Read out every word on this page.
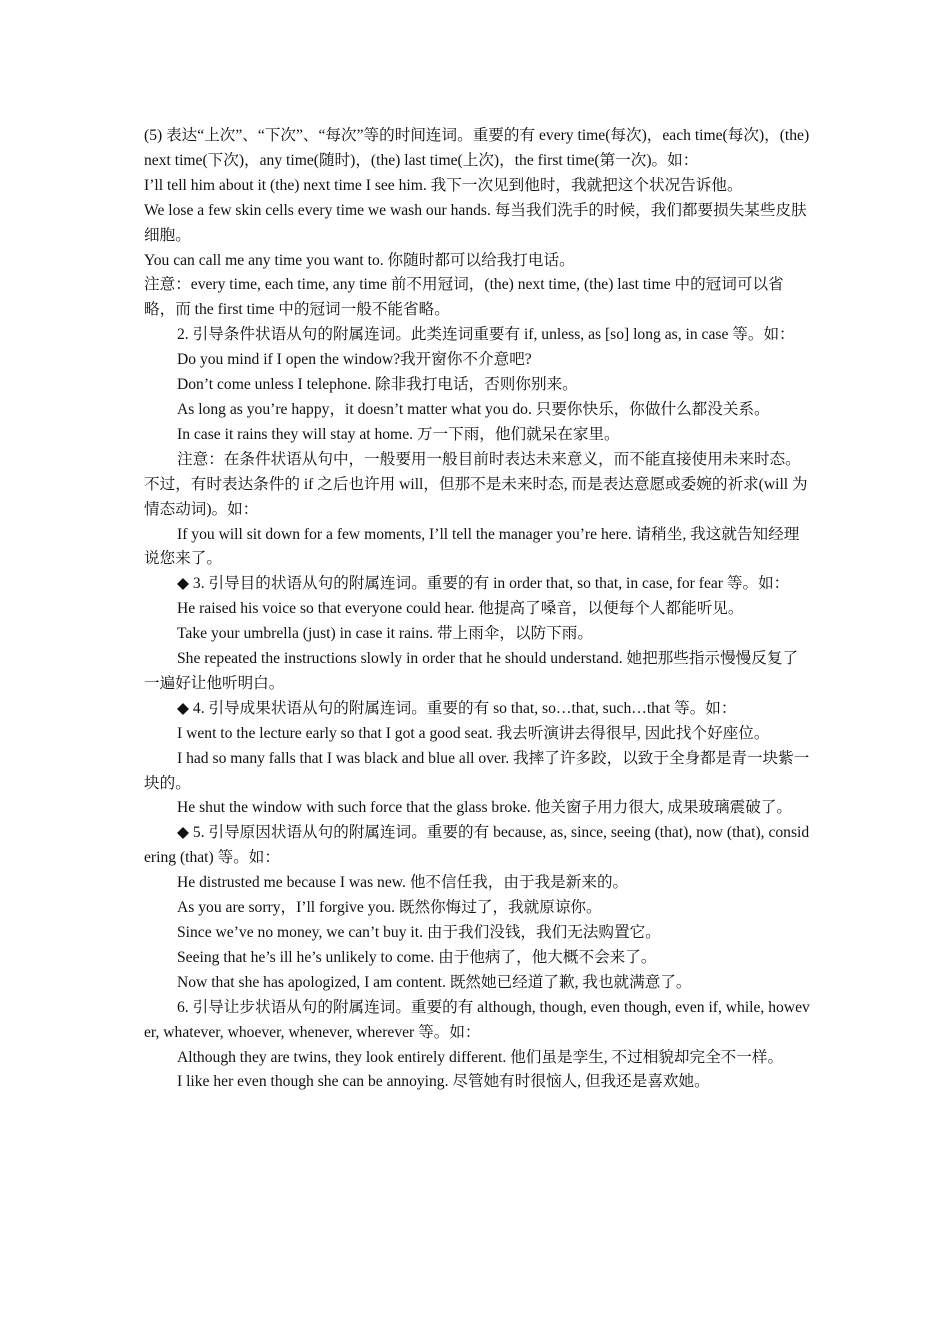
(5) 表达“上次”、“下次”、“每次”等的时间连词。重要的有 every time(每次)，each time(每次)，(the) next time(下次)，any time(随时)，(the) last time(上次)，the first time(第一次)。如：

I’ll tell him about it (the) next time I see him. 我下一次见到他时，我就把这个状况告诉他。

We lose a few skin cells every time we wash our hands. 每当我们洗手的时候，我们都要损失某些皮肤细胞。

You can call me any time you want to. 你随时都可以给我打电话。

注意：every time, each time, any time 前不用冠词，(the) next time, (the) last time 中的冠词可以省略，而 the first time 中的冠词一般不能省略。

2. 引导条件状语从句的附属连词。此类连词重要有 if, unless, as [so] long as, in case 等。如：

Do you mind if I open the window?我开窗你不介意吧?

Don’t come unless I telephone. 除非我打电话，否则你别来。

As long as you’re happy，it doesn’t matter what you do. 只要你快乐，你做什么都没关系。

In case it rains they will stay at home. 万一下雨，他们就呆在家里。

注意：在条件状语从句中，一般要用一般目前时表达未来意义，而不能直接使用未来时态。不过，有时表达条件的 if 之后也许用 will，但那不是未来时态, 而是表达意愿或委婉的祈求(will 为情态动词)。如：

If you will sit down for a few moments, I’ll tell the manager you’re here. 请稍坐, 我这就告知经理说您来了。

◆ 3. 引导目的状语从句的附属连词。重要的有 in order that, so that, in case, for fear 等。如：

He raised his voice so that everyone could hear. 他提高了嗓音，以便每个人都能听见。

Take your umbrella (just) in case it rains. 带上雨伞，以防下雨。

She repeated the instructions slowly in order that he should understand. 她把那些指示慢慢反复了一遍好让他听明白。

◆ 4. 引导成果状语从句的附属连词。重要的有 so that, so…that, such…that 等。如：

I went to the lecture early so that I got a good seat. 我去听演讲去得很早, 因此找个好座位。

I had so many falls that I was black and blue all over. 我摔了许多跤，以致于全身都是青一块紫一块的。

He shut the window with such force that the glass broke. 他关窗子用力很大, 成果玻璃震破了。

◆ 5. 引导原因状语从句的附属连词。重要的有 because, as, since, seeing (that), now (that), considering (that) 等。如：

He distrusted me because I was new. 他不信任我，由于我是新来的。

As you are sorry，I’ll forgive you. 既然你悔过了，我就原谅你。

Since we’ve no money, we can’t buy it. 由于我们没钱，我们无法购置它。

Seeing that he’s ill he’s unlikely to come. 由于他病了，他大概不会来了。

Now that she has apologized, I am content. 既然她已经道了歉, 我也就满意了。

6. 引导让步状语从句的附属连词。重要的有 although, though, even though, even if, while, however, whatever, whoever, whenever, wherever 等。如：

Although they are twins, they look entirely different. 他们虽是孪生, 不过相貌却完全不一样。

I like her even though she can be annoying. 尽管她有时很恼人, 但我还是喜欢她。
